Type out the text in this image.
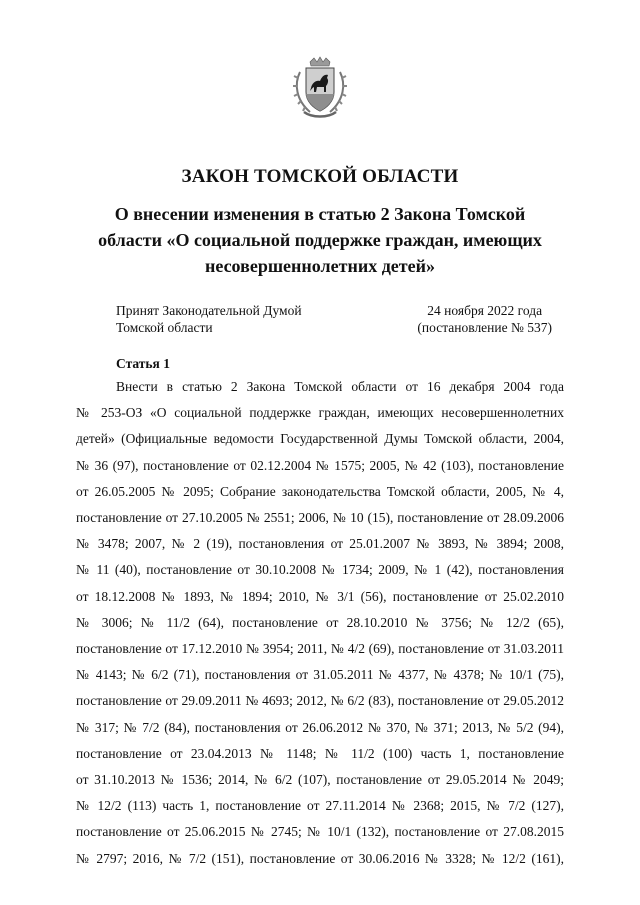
ЗАКОН ТОМСКОЙ ОБЛАСТИ
О внесении изменения в статью 2 Закона Томской
области «О социальной поддержке граждан, имеющих
несовершеннолетних детей»
Принят Законодательной Думой
Томской области
24 ноября 2022 года
(постановление № 537)
Статья 1
Внести в статью 2 Закона Томской области от 16 декабря 2004 года
№ 253-ОЗ «О социальной поддержке граждан, имеющих несовершеннолетних
детей» (Официальные ведомости Государственной Думы Томской области, 2004,
№ 36 (97), постановление от 02.12.2004 № 1575; 2005, № 42 (103), постановление
от 26.05.2005 № 2095; Собрание законодательства Томской области, 2005, № 4,
постановление от 27.10.2005 № 2551; 2006, № 10 (15), постановление от 28.09.2006
№ 3478; 2007, № 2 (19), постановления от 25.01.2007 № 3893, № 3894; 2008,
№ 11 (40), постановление от 30.10.2008 № 1734; 2009, № 1 (42), постановления
от 18.12.2008 № 1893, № 1894; 2010, № 3/1 (56), постановление от 25.02.2010
№ 3006; № 11/2 (64), постановление от 28.10.2010 № 3756; № 12/2 (65),
постановление от 17.12.2010 № 3954; 2011, № 4/2 (69), постановление от 31.03.2011
№ 4143; № 6/2 (71), постановления от 31.05.2011 № 4377, № 4378; № 10/1 (75),
постановление от 29.09.2011 № 4693; 2012, № 6/2 (83), постановление от 29.05.2012
№ 317; № 7/2 (84), постановления от 26.06.2012 № 370, № 371; 2013, № 5/2 (94),
постановление от 23.04.2013 № 1148; № 11/2 (100) часть 1, постановление
от 31.10.2013 № 1536; 2014, № 6/2 (107), постановление от 29.05.2014 № 2049;
№ 12/2 (113) часть 1, постановление от 27.11.2014 № 2368; 2015, № 7/2 (127),
постановление от 25.06.2015 № 2745; № 10/1 (132), постановление от 27.08.2015
№ 2797; 2016, № 7/2 (151), постановление от 30.06.2016 № 3328; № 12/2 (161),
